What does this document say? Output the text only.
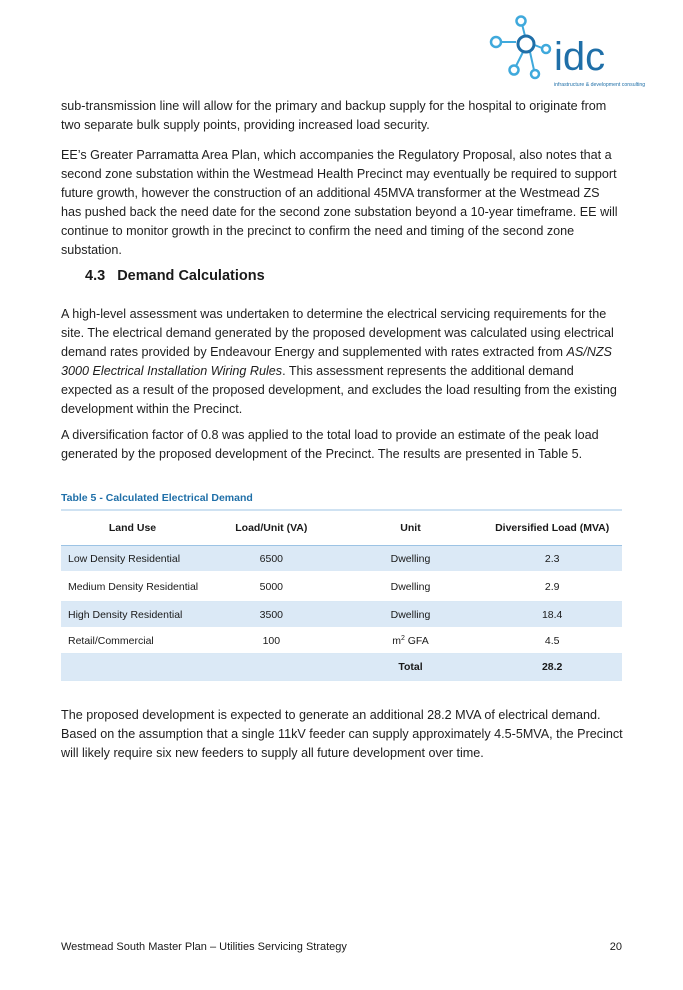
idc
infrastructure & development consulting

sub-transmission line will allow for the primary and backup supply for the hospital to originate from two separate bulk supply points, providing increased load security.

EE’s Greater Parramatta Area Plan, which accompanies the Regulatory Proposal, also notes that a second zone substation within the Westmead Health Precinct may eventually be required to support future growth, however the construction of an additional 45MVA transformer at the Westmead ZS has pushed back the need date for the second zone substation beyond a 10-year timeframe. EE will continue to monitor growth in the precinct to confirm the need and timing of the second zone substation.

4.3 Demand Calculations

A high-level assessment was undertaken to determine the electrical servicing requirements for the site. The electrical demand generated by the proposed development was calculated using electrical demand rates provided by Endeavour Energy and supplemented with rates extracted from AS/NZS 3000 Electrical Installation Wiring Rules. This assessment represents the additional demand expected as a result of the proposed development, and excludes the load resulting from the existing development within the Precinct.

A diversification factor of 0.8 was applied to the total load to provide an estimate of the peak load generated by the proposed development of the Precinct. The results are presented in Table 5.

Table 5 - Calculated Electrical Demand

Land Use	Load/Unit (VA)	Unit	Diversified Load (MVA)
Low Density Residential	6500	Dwelling	2.3
Medium Density Residential	5000	Dwelling	2.9
High Density Residential	3500	Dwelling	18.4
Retail/Commercial	100	$m^2$ GFA	4.5
		Total	28.2

The proposed development is expected to generate an additional 28.2 MVA of electrical demand. Based on the assumption that a single 11kV feeder can supply approximately 4.5-5MVA, the Precinct will likely require six new feeders to supply all future development over time.

Westmead South Master Plan – Utilities Servicing Strategy	20
